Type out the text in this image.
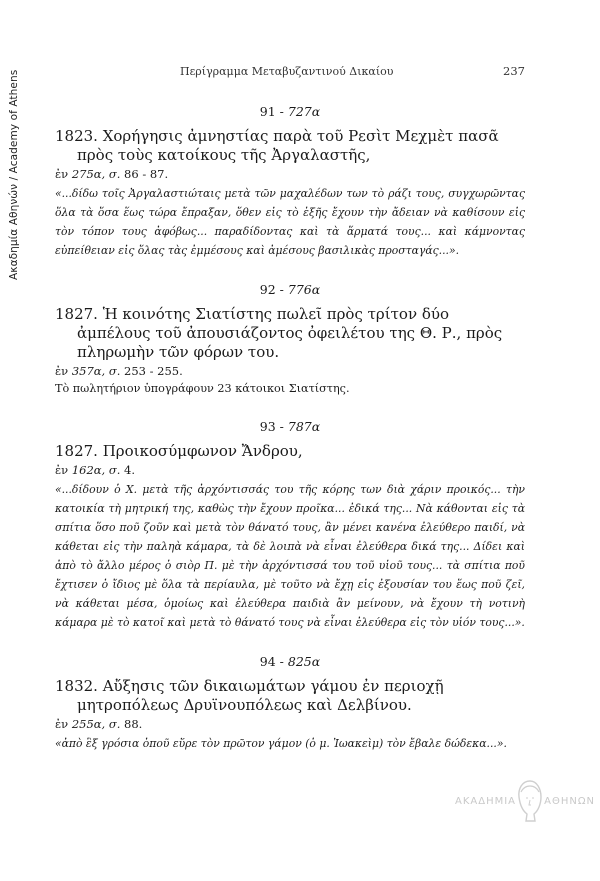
Ακαδημία Αθηνών / Academy of Athens	Περίγραμμα Μεταβυζαντινού Δικαίου	237
91 - 727α

1823. Χορήγησις ἀμνηστίας παρὰ τοῦ Ρεσὶτ Μεχμὲτ πασᾶ πρὸς τοὺς κατοίκους τῆς Ἀργαλαστῆς,

ἐν 275α, σ. 86 - 87.

«...δίδω τοῖς Ἀργαλαστιώταις μετὰ τῶν μαχαλέδων των τὸ ράζι τους, συγχωρῶντας ὅλα τὰ ὅσα ἕως τώρα ἔπραξαν, ὅθεν εἰς τὸ ἑξῆς ἔχουν τὴν ἄδειαν νὰ καθίσουν εἰς τὸν τόπον τους ἀφόβως... παραδίδοντας καὶ τὰ ἅρματά τους... καὶ κάμνοντας εὐπείθειαν εἰς ὅλας τὰς ἐμμέσους καὶ ἀμέσους βασιλικὰς προσταγάς...».

92 - 776α

1827. Ἡ κοινότης Σιατίστης πωλεῖ πρὸς τρίτον δύο ἀμπέλους τοῦ ἀπουσιάζοντος ὀφειλέτου της Θ. Ρ., πρὸς πληρωμὴν τῶν φόρων του.

ἐν 357α, σ. 253 - 255.

Τὸ πωλητήριον ὑπογράφουν 23 κάτοικοι Σιατίστης.

93 - 787α

1827. Προικοσύμφωνον Ἄνδρου,

ἐν 162α, σ. 4.

«...δίδουν ὁ Χ. μετὰ τῆς ἀρχόντισσάς του τῆς κόρης των διὰ χάριν προικός... τὴν κατοικία τὴ μητρική της, καθὼς τὴν ἔχουν προῖκα... ἐδικά της... Νὰ κάθονται εἰς τὰ σπίτια ὅσο ποῦ ζοῦν καὶ μετὰ τὸν θάνατό τους, ἂν μένει κανένα ἐλεύθερο παιδί, νὰ κάθεται εἰς τὴν παληὰ κάμαρα, τὰ δὲ λοιπὰ νὰ εἶναι ἐλεύθερα δικά της... Δίδει καὶ ἀπὸ τὸ ἄλλο μέρος ὁ σιὸρ Π. μὲ τὴν ἀρχόντισσά του τοῦ υἱοῦ τους... τὰ σπίτια ποῦ ἔχτισεν ὁ ἴδιος μὲ ὅλα τὰ περίαυλα, μὲ τοῦτο νὰ ἔχῃ εἰς ἐξουσίαν του ἕως ποῦ ζεῖ, νὰ κάθεται μέσα, ὁμοίως καὶ ἐλεύθερα παιδιὰ ἂν μείνουν, νὰ ἔχουν τὴ νοτινὴ κάμαρα μὲ τὸ κατοῖ καὶ μετὰ τὸ θάνατό τους νὰ εἶναι ἐλεύθερα εἰς τὸν υἱόν τους...».

94 - 825α

1832. Αὔξησις τῶν δικαιωμάτων γάμου ἐν περιοχῇ μητροπόλεως Δρυϊνουπόλεως καὶ Δελβίνου.

ἐν 255α, σ. 88.

«ἀπὸ ἓξ γρόσια ὁποῦ εὕρε τὸν πρῶτον γάμον (ὁ μ. Ἰωακεὶμ) τὸν ἔβαλε δώδεκα...».

ΑΚΑΔΗΜΙΑ	ΑΘΗΝΩΝ
